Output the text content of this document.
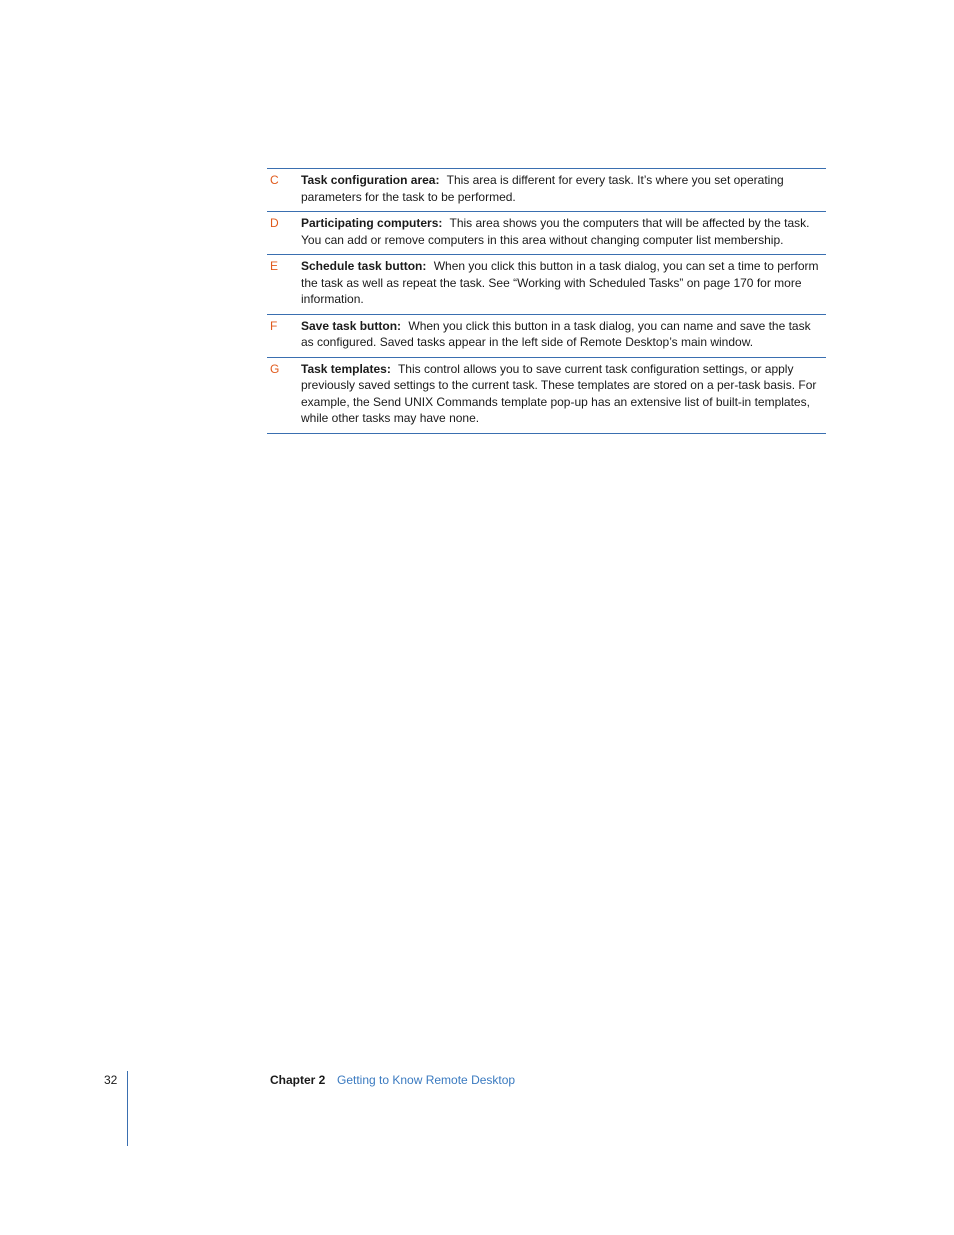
C	Task configuration area: This area is different for every task. It’s where you set operating parameters for the task to be performed.
D	Participating computers: This area shows you the computers that will be affected by the task. You can add or remove computers in this area without changing computer list membership.
E	Schedule task button: When you click this button in a task dialog, you can set a time to perform the task as well as repeat the task. See “Working with Scheduled Tasks” on page 170 for more information.
F	Save task button: When you click this button in a task dialog, you can name and save the task as configured. Saved tasks appear in the left side of Remote Desktop’s main window.
G	Task templates: This control allows you to save current task configuration settings, or apply previously saved settings to the current task. These templates are stored on a per-task basis. For example, the Send UNIX Commands template pop-up has an extensive list of built-in templates, while other tasks may have none.
32	Chapter 2 Getting to Know Remote Desktop
